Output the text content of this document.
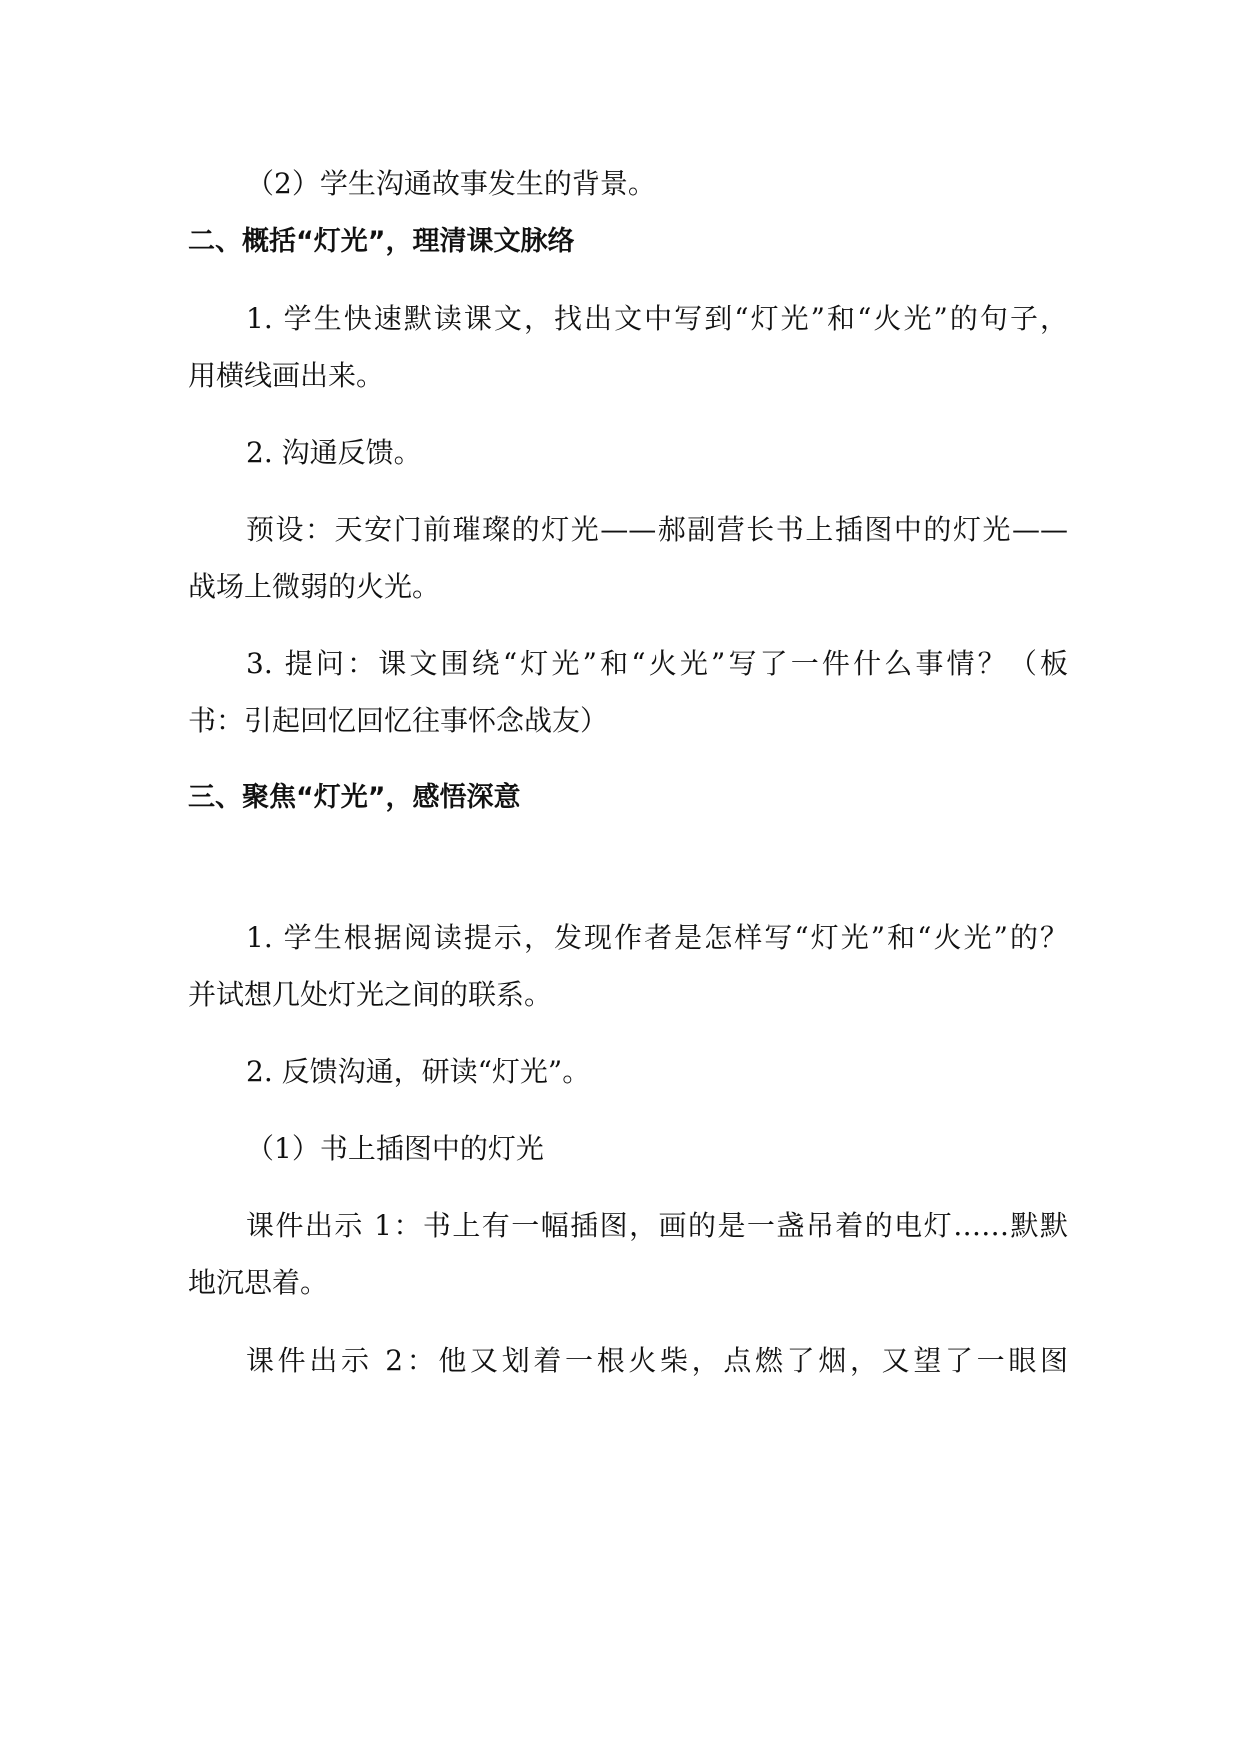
（2）学生沟通故事发生的背景。
二、概括“灯光”，理清课文脉络
1. 学生快速默读课文，找出文中写到“灯光”和“火光”的句子，
用横线画出来。
2. 沟通反馈。
预设：天安门前璀璨的灯光——郝副营长书上插图中的灯光——
战场上微弱的火光。
3. 提问：课文围绕“灯光”和“火光”写了一件什么事情？（板
书：引起回忆回忆往事怀念战友）
三、聚焦“灯光”，感悟深意
1. 学生根据阅读提示，发现作者是怎样写“灯光”和“火光”的？
并试想几处灯光之间的联系。
2. 反馈沟通，研读“灯光”。
（1）书上插图中的灯光
课件出示 1：书上有一幅插图，画的是一盏吊着的电灯……默默
地沉思着。
课件出示 2：他又划着一根火柴，点燃了烟，又望了一眼图
